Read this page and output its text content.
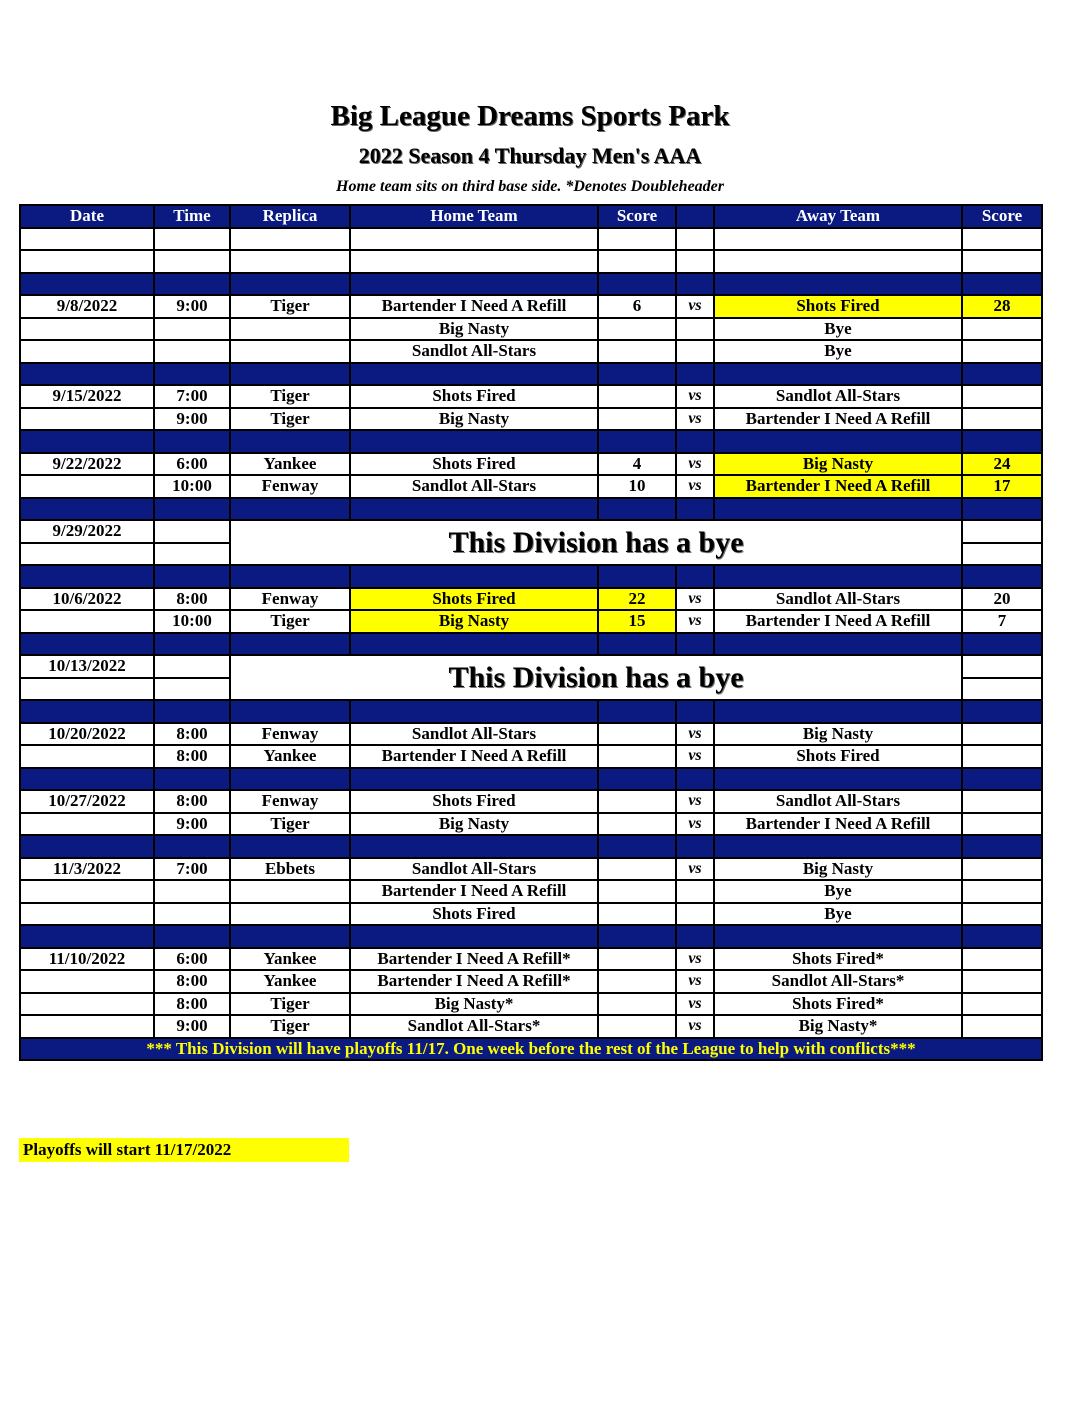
Big League Dreams Sports Park
2022 Season 4 Thursday Men's AAA
Home team sits on third base side. *Denotes Doubleheader
Date	Time	Replica	Home Team	Score		Away Team	Score

9/8/2022	9:00	Tiger	Bartender I Need A Refill	6	vs	Shots Fired	28
			Big Nasty			Bye	
			Sandlot All-Stars			Bye	

9/15/2022	7:00	Tiger	Shots Fired		vs	Sandlot All-Stars	
	9:00	Tiger	Big Nasty		vs	Bartender I Need A Refill	

9/22/2022	6:00	Yankee	Shots Fired	4	vs	Big Nasty	24
	10:00	Fenway	Sandlot All-Stars	10	vs	Bartender I Need A Refill	17

9/29/2022		This Division has a bye					

10/6/2022	8:00	Fenway	Shots Fired	22	vs	Sandlot All-Stars	20
	10:00	Tiger	Big Nasty	15	vs	Bartender I Need A Refill	7

10/13/2022		This Division has a bye					

10/20/2022	8:00	Fenway	Sandlot All-Stars		vs	Big Nasty	
	8:00	Yankee	Bartender I Need A Refill		vs	Shots Fired	

10/27/2022	8:00	Fenway	Shots Fired		vs	Sandlot All-Stars	
	9:00	Tiger	Big Nasty		vs	Bartender I Need A Refill	

11/3/2022	7:00	Ebbets	Sandlot All-Stars		vs	Big Nasty	
			Bartender I Need A Refill			Bye	
			Shots Fired			Bye	

11/10/2022	6:00	Yankee	Bartender I Need A Refill*		vs	Shots Fired*	
	8:00	Yankee	Bartender I Need A Refill*		vs	Sandlot All-Stars*	
	8:00	Tiger	Big Nasty*		vs	Shots Fired*	
	9:00	Tiger	Sandlot All-Stars*		vs	Big Nasty*	
*** This Division will have playoffs 11/17. One week before the rest of the League to help with conflicts***							
Playoffs will start 11/17/2022
